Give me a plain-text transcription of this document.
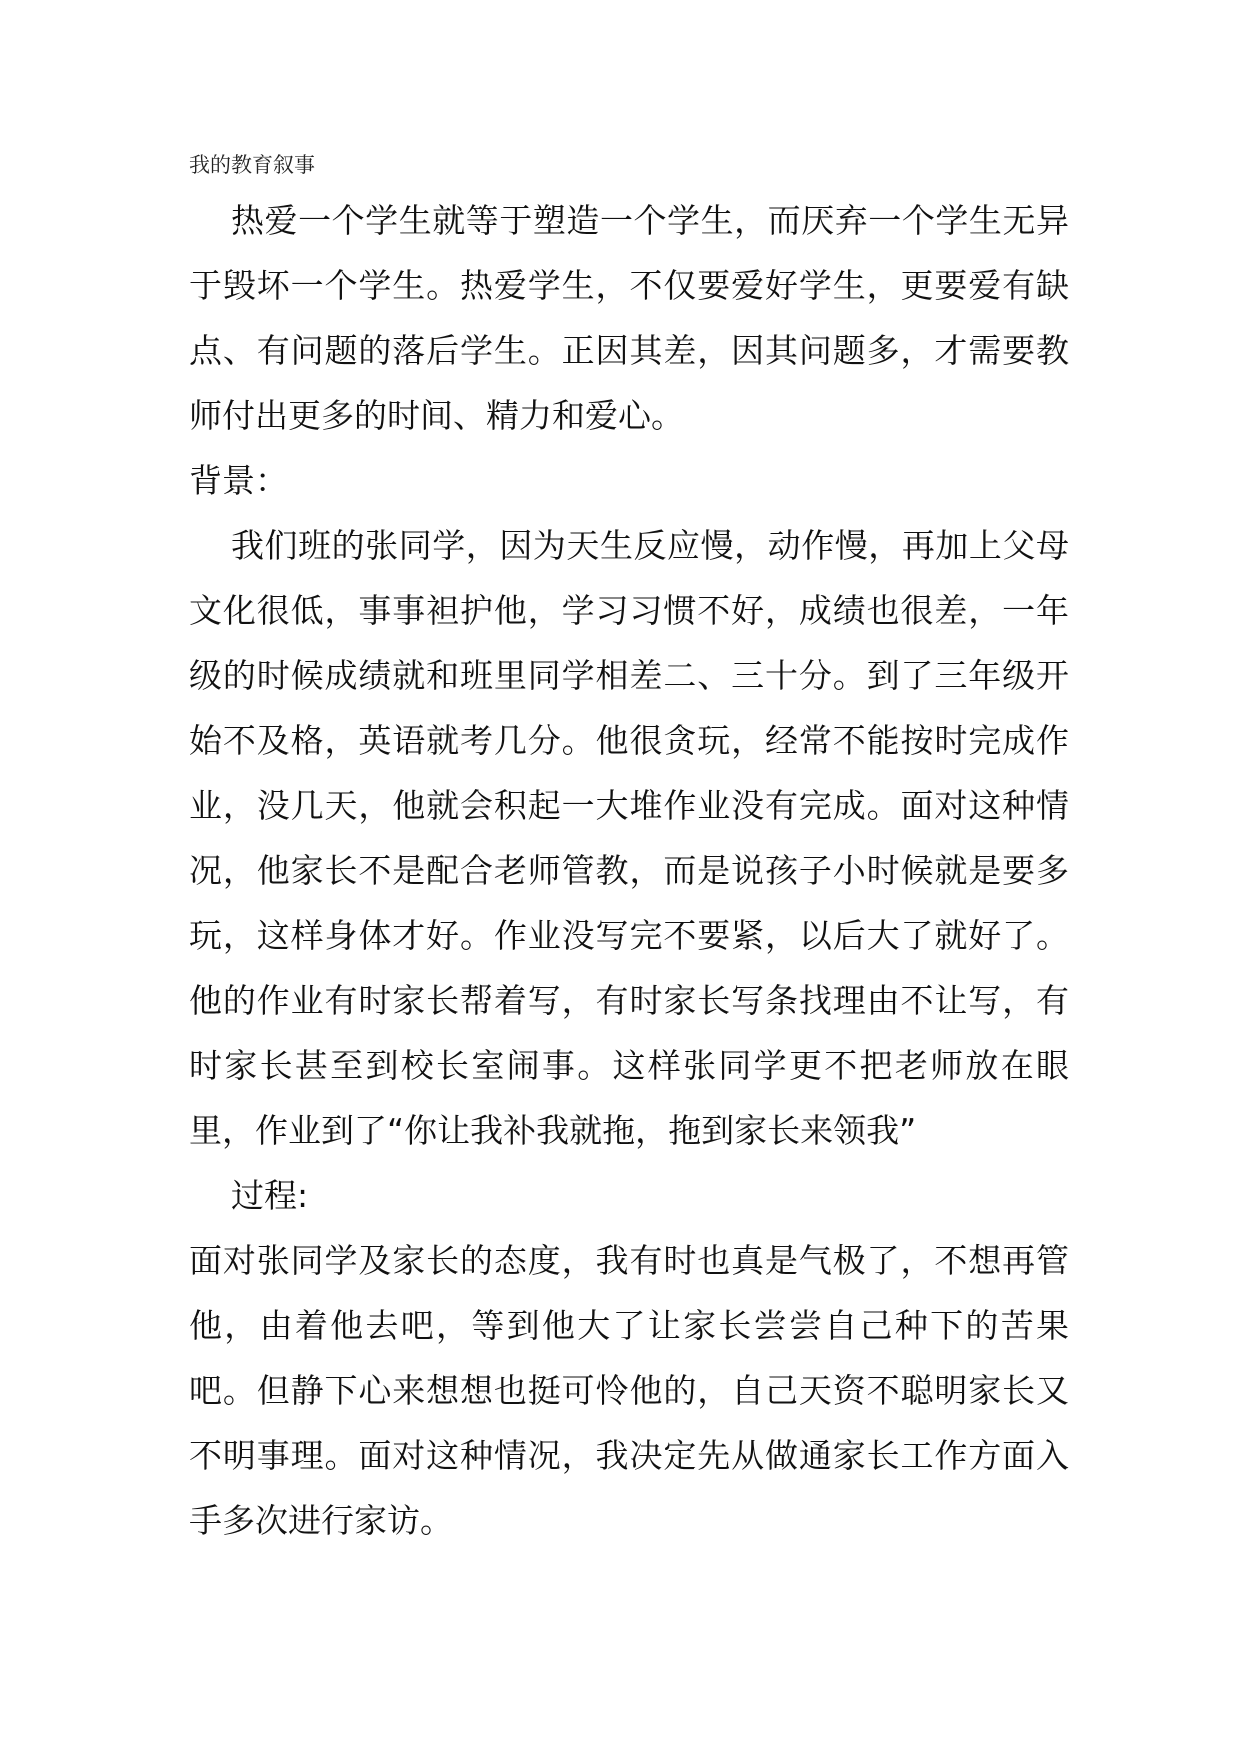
我的教育叙事

热爱一个学生就等于塑造一个学生，而厌弃一个学生无异于毁坏一个学生。热爱学生，不仅要爱好学生，更要爱有缺点、有问题的落后学生。正因其差，因其问题多，才需要教师付出更多的时间、精力和爱心。

背景：

我们班的张同学，因为天生反应慢，动作慢，再加上父母文化很低，事事袒护他，学习习惯不好，成绩也很差，一年级的时候成绩就和班里同学相差二、三十分。到了三年级开始不及格，英语就考几分。他很贪玩，经常不能按时完成作业，没几天，他就会积起一大堆作业没有完成。面对这种情况，他家长不是配合老师管教，而是说孩子小时候就是要多玩，这样身体才好。作业没写完不要紧，以后大了就好了。他的作业有时家长帮着写，有时家长写条找理由不让写，有时家长甚至到校长室闹事。这样张同学更不把老师放在眼里，作业到了“你让我补我就拖，拖到家长来领我”

过程:

面对张同学及家长的态度，我有时也真是气极了，不想再管他，由着他去吧，等到他大了让家长尝尝自己种下的苦果吧。但静下心来想想也挺可怜他的，自己天资不聪明家长又不明事理。面对这种情况，我决定先从做通家长工作方面入手多次进行家访。
